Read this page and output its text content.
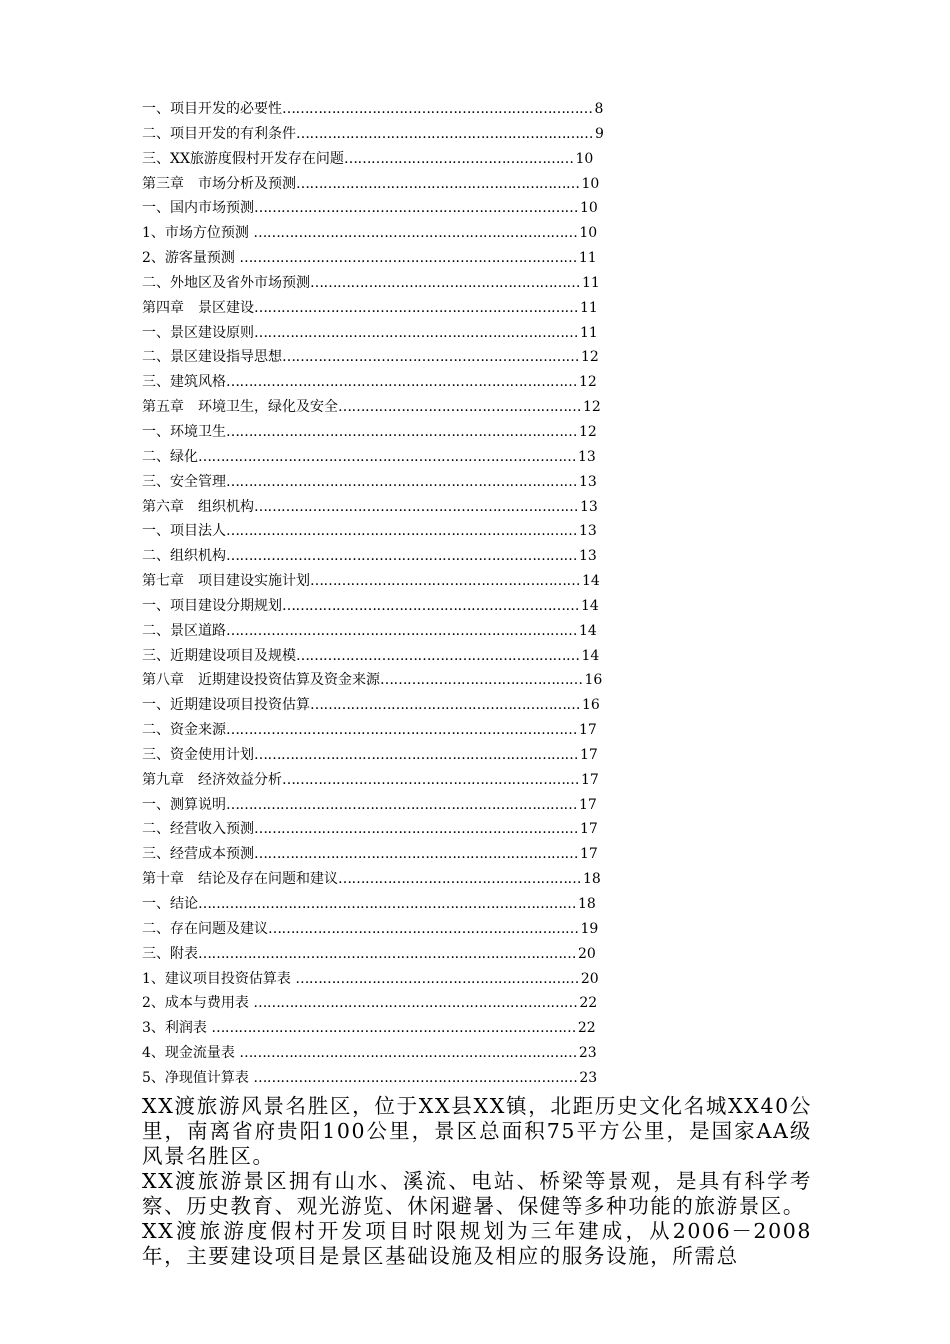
一、项目开发的必要性…………………………………………………………… 8
二、项目开发的有利条件………………………………………………………… 9
三、XX旅游度假村开发存在问题…………………………………………… 10
第三章　市场分析及预测……………………………………………………… 10
一、国内市场预测……………………………………………………………… 10
1、市场方位预测 ……………………………………………………………… 10
2、游客量预测 ………………………………………………………………… 11
二、外地区及省外市场预测…………………………………………………… 11
第四章　景区建设……………………………………………………………… 11
一、景区建设原则……………………………………………………………… 11
二、景区建设指导思想………………………………………………………… 12
三、建筑风格…………………………………………………………………… 12
第五章　环境卫生，绿化及安全……………………………………………… 12
一、环境卫生…………………………………………………………………… 12
二、绿化………………………………………………………………………… 13
三、安全管理…………………………………………………………………… 13
第六章　组织机构……………………………………………………………… 13
一、项目法人…………………………………………………………………… 13
二、组织机构…………………………………………………………………… 13
第七章　项目建设实施计划…………………………………………………… 14
一、项目建设分期规划………………………………………………………… 14
二、景区道路…………………………………………………………………… 14
三、近期建设项目及规模……………………………………………………… 14
第八章　近期建设投资估算及资金来源……………………………………… 16
一、近期建设项目投资估算…………………………………………………… 16
二、资金来源…………………………………………………………………… 17
三、资金使用计划……………………………………………………………… 17
第九章　经济效益分析………………………………………………………… 17
一、测算说明…………………………………………………………………… 17
二、经营收入预测……………………………………………………………… 17
三、经营成本预测……………………………………………………………… 17
第十章　结论及存在问题和建议……………………………………………… 18
一、结论………………………………………………………………………… 18
二、存在问题及建议…………………………………………………………… 19
三、附表………………………………………………………………………… 20
1、建议项目投资估算表 ……………………………………………………… 20
2、成本与费用表 ……………………………………………………………… 22
3、利润表 ……………………………………………………………………… 22
4、现金流量表 ………………………………………………………………… 23
5、净现值计算表 ……………………………………………………………… 23

XX渡旅游风景名胜区，位于XX县XX镇，北距历史文化名城XX40公里，南离省府贵阳100公里，景区总面积75平方公里，是国家AA级风景名胜区。

XX渡旅游景区拥有山水、溪流、电站、桥梁等景观，是具有科学考察、历史教育、观光游览、休闲避暑、保健等多种功能的旅游景区。

XX渡旅游度假村开发项目时限规划为三年建成，从2006－2008年，主要建设项目是景区基础设施及相应的服务设施，所需总
